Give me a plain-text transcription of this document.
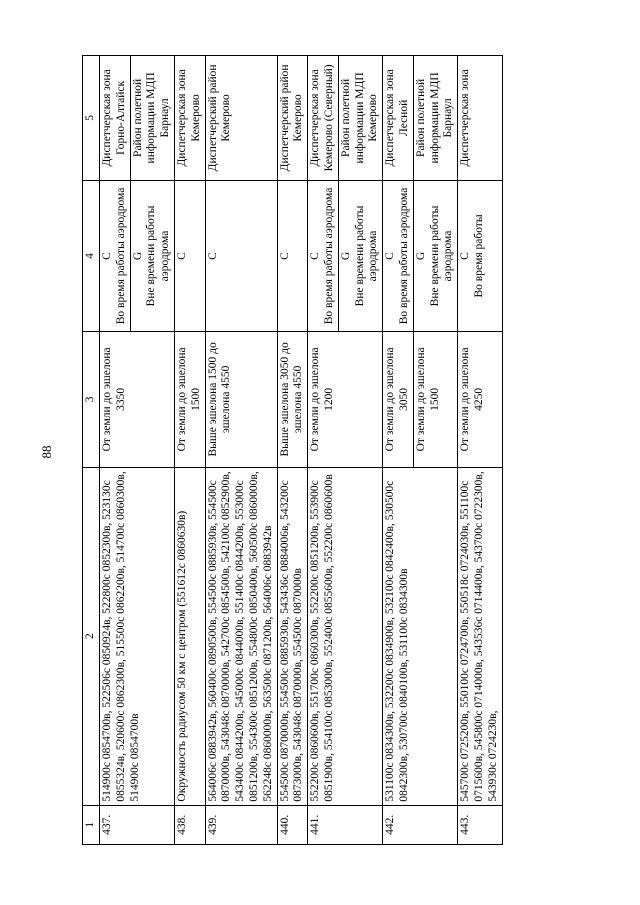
88
1	2	3	4	5
437.	514900с 0854700в, 522506с 0850924в, 522800с 0852300в, 523130с 0855324в, 520600с 0862300в, 515500с 0862200в, 514700с 0860300в, 514900с 0854700в	От земли до эшелона 3350	С Во время работы аэродрома	Диспетчерская зона Горно-Алтайск

			G Вне времени работы аэродрома	Район полетной информации МДП Барнаул
438.	Окружность радиусом 50 км с центром (551612с 0860630в)	От земли до эшелона 1500	С	Диспетчерская зона Кемерово
439.	564006с 0883942в, 560400с 0890500в, 554500с 0885930в, 554500с 0870000в, 543048с 0870000в, 542700с 0854500в, 542100с 0852900в, 543400с 0844200в, 545000с 0844000в, 551400с 0844200в, 553000с 0851200в, 554300с 0851200в, 554800с 0850400в, 560500с 0860000в, 562248с 0860000в, 563500с 0871200в, 564006с 0883942в	Выше эшелона 1500 до эшелона 4550	С	Диспетчерский район Кемерово
440.	554500с 0870000в, 554500с 0885930в, 543436с 0884006в, 543200с 0873000в, 543048с 0870000в, 554500с 0870000в	Выше эшелона 3050 до эшелона 4550	С	Диспетчерский район Кемерово
441.	552200с 0860600в, 551700с 0860300в, 552200с 0851200в, 553900с 0851900в, 554100с 0853000в, 552400с 0855600в, 552200с 0860600в	От земли до эшелона 1200	С Во время работы аэродрома	Диспетчерская зона Кемерово (Северный)

			G Вне времени работы аэродрома	Район полетной информации МДП Кемерово
442.	531100с 0834300в, 532200с 0834900в, 532100с 0842400в, 530500с 0842300в, 530700с 0840100в, 531100с 0834300в	От земли до эшелона 3050	С Во время работы аэродрома	Диспетчерская зона Лесной
		От земли до эшелона 1500	G Вне времени работы аэродрома	Район полетной информации МДП Барнаул
443.	545700с 0725200в, 550100с 0724700в, 550518с 0724030в, 551100с 0715600в, 545800с 0714000в, 543536с 0714400в, 543700с 0722300в, 543930с 0724230в,	От земли до эшелона 4250	С Во время работы	Диспетчерская зона
